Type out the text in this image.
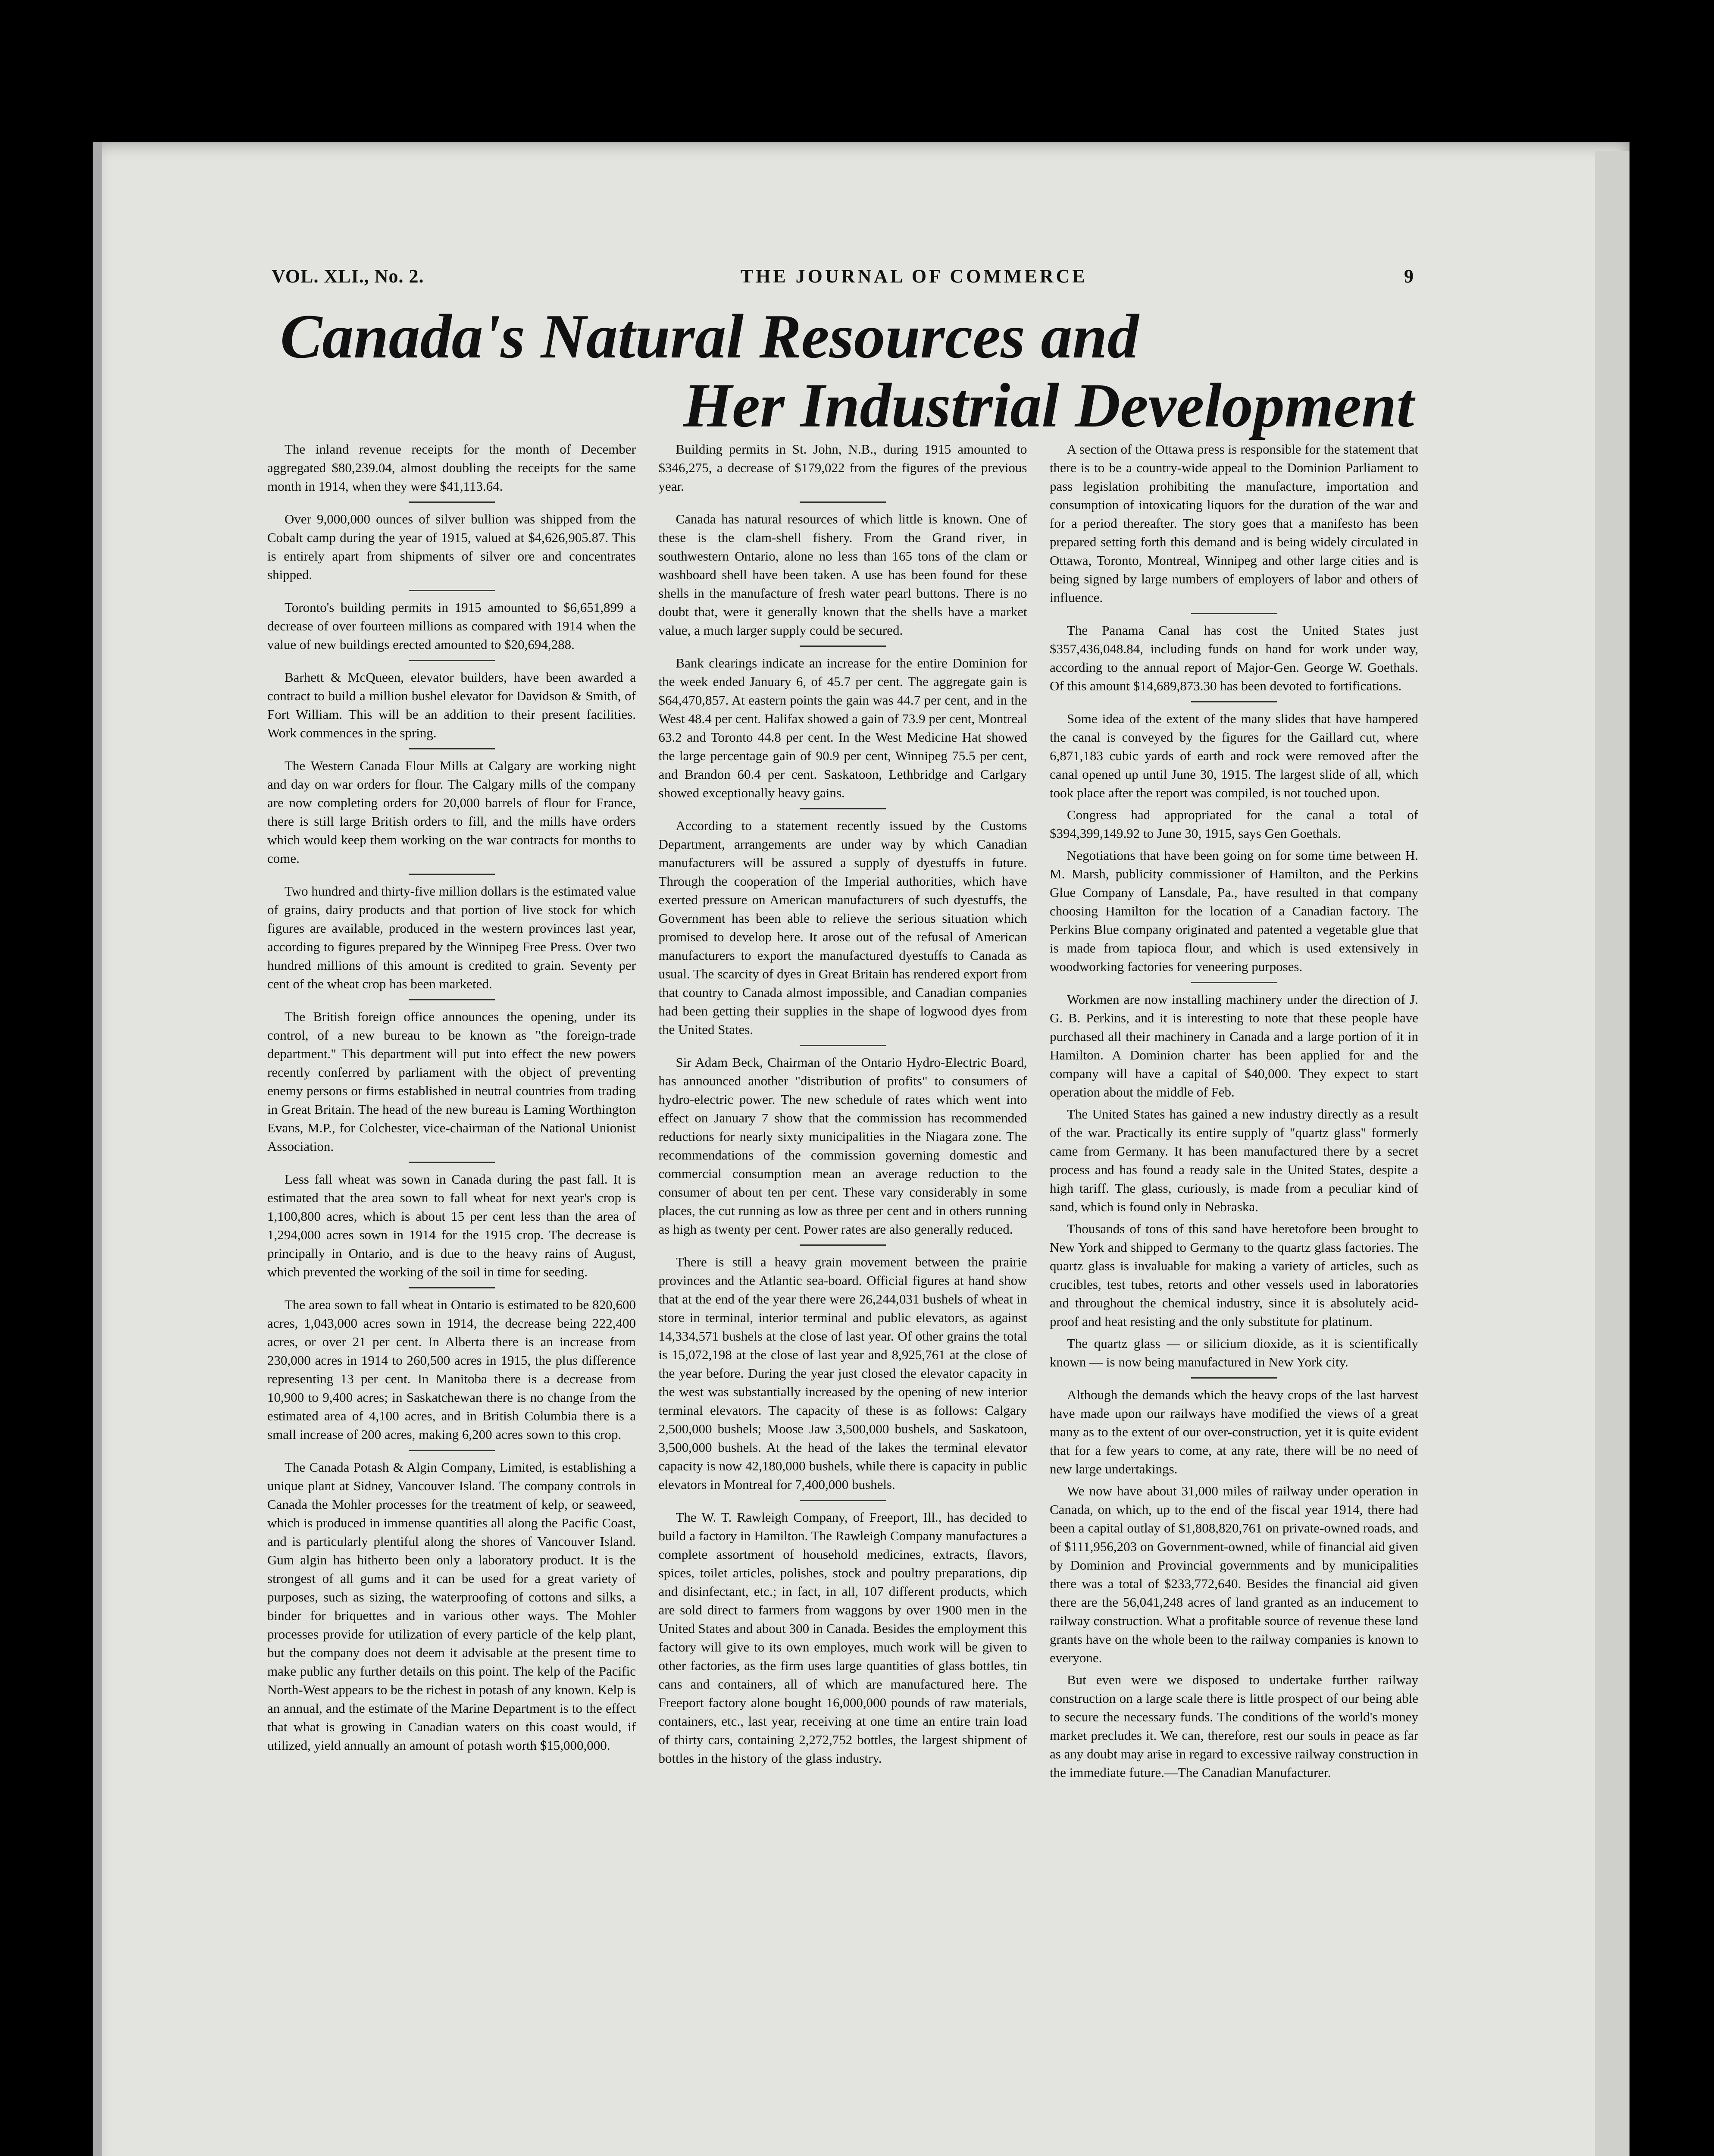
VOL. XLI., No. 2.	THE JOURNAL OF COMMERCE	9
Canada's Natural Resources and
Her Industrial Development

The inland revenue receipts for the month of December aggregated $80,239.04, almost doubling the receipts for the same month in 1914, when they were $41,113.64.

Over 9,000,000 ounces of silver bullion was shipped from the Cobalt camp during the year of 1915, valued at $4,626,905.87. This is entirely apart from shipments of silver ore and concentrates shipped.

Toronto's building permits in 1915 amounted to $6,651,899 a decrease of over fourteen millions as compared with 1914 when the value of new buildings erected amounted to $20,694,288.

Barhett & McQueen, elevator builders, have been awarded a contract to build a million bushel elevator for Davidson & Smith, of Fort William. This will be an addition to their present facilities. Work commences in the spring.

The Western Canada Flour Mills at Calgary are working night and day on war orders for flour. The Calgary mills of the company are now completing orders for 20,000 barrels of flour for France, there is still large British orders to fill, and the mills have orders which would keep them working on the war contracts for months to come.

Two hundred and thirty-five million dollars is the estimated value of grains, dairy products and that portion of live stock for which figures are available, produced in the western provinces last year, according to figures prepared by the Winnipeg Free Press. Over two hundred millions of this amount is credited to grain. Seventy per cent of the wheat crop has been marketed.

The British foreign office announces the opening, under its control, of a new bureau to be known as "the foreign-trade department." This department will put into effect the new powers recently conferred by parliament with the object of preventing enemy persons or firms established in neutral countries from trading in Great Britain. The head of the new bureau is Laming Worthington Evans, M.P., for Colchester, vice-chairman of the National Unionist Association.

Less fall wheat was sown in Canada during the past fall. It is estimated that the area sown to fall wheat for next year's crop is 1,100,800 acres, which is about 15 per cent less than the area of 1,294,000 acres sown in 1914 for the 1915 crop. The decrease is principally in Ontario, and is due to the heavy rains of August, which prevented the working of the soil in time for seeding.

The area sown to fall wheat in Ontario is estimated to be 820,600 acres, 1,043,000 acres sown in 1914, the decrease being 222,400 acres, or over 21 per cent. In Alberta there is an increase from 230,000 acres in 1914 to 260,500 acres in 1915, the plus difference representing 13 per cent. In Manitoba there is a decrease from 10,900 to 9,400 acres; in Saskatchewan there is no change from the estimated area of 4,100 acres, and in British Columbia there is a small increase of 200 acres, making 6,200 acres sown to this crop.

The Canada Potash & Algin Company, Limited, is establishing a unique plant at Sidney, Vancouver Island. The company controls in Canada the Mohler processes for the treatment of kelp, or seaweed, which is produced in immense quantities all along the Pacific Coast, and is particularly plentiful along the shores of Vancouver Island. Gum algin has hitherto been only a laboratory product. It is the strongest of all gums and it can be used for a great variety of purposes, such as sizing, the waterproofing of cottons and silks, a binder for briquettes and in various other ways. The Mohler processes provide for utilization of every particle of the kelp plant, but the company does not deem it advisable at the present time to make public any further details on this point. The kelp of the Pacific North-West appears to be the richest in potash of any known. Kelp is an annual, and the estimate of the Marine Department is to the effect that what is growing in Canadian waters on this coast would, if utilized, yield annually an amount of potash worth $15,000,000.

Building permits in St. John, N.B., during 1915 amounted to $346,275, a decrease of $179,022 from the figures of the previous year.

Canada has natural resources of which little is known. One of these is the clam-shell fishery. From the Grand river, in southwestern Ontario, alone no less than 165 tons of the clam or washboard shell have been taken. A use has been found for these shells in the manufacture of fresh water pearl buttons. There is no doubt that, were it generally known that the shells have a market value, a much larger supply could be secured.

Bank clearings indicate an increase for the entire Dominion for the week ended January 6, of 45.7 per cent. The aggregate gain is $64,470,857. At eastern points the gain was 44.7 per cent, and in the West 48.4 per cent. Halifax showed a gain of 73.9 per cent, Montreal 63.2 and Toronto 44.8 per cent. In the West Medicine Hat showed the large percentage gain of 90.9 per cent, Winnipeg 75.5 per cent, and Brandon 60.4 per cent. Saskatoon, Lethbridge and Carlgary showed exceptionally heavy gains.

According to a statement recently issued by the Customs Department, arrangements are under way by which Canadian manufacturers will be assured a supply of dyestuffs in future. Through the cooperation of the Imperial authorities, which have exerted pressure on American manufacturers of such dyestuffs, the Government has been able to relieve the serious situation which promised to develop here. It arose out of the refusal of American manufacturers to export the manufactured dyestuffs to Canada as usual. The scarcity of dyes in Great Britain has rendered export from that country to Canada almost impossible, and Canadian companies had been getting their supplies in the shape of logwood dyes from the United States.

Sir Adam Beck, Chairman of the Ontario Hydro-Electric Board, has announced another "distribution of profits" to consumers of hydro-electric power. The new schedule of rates which went into effect on January 7 show that the commission has recommended reductions for nearly sixty municipalities in the Niagara zone. The recommendations of the commission governing domestic and commercial consumption mean an average reduction to the consumer of about ten per cent. These vary considerably in some places, the cut running as low as three per cent and in others running as high as twenty per cent. Power rates are also generally reduced.

There is still a heavy grain movement between the prairie provinces and the Atlantic sea-board. Official figures at hand show that at the end of the year there were 26,244,031 bushels of wheat in store in terminal, interior terminal and public elevators, as against 14,334,571 bushels at the close of last year. Of other grains the total is 15,072,198 at the close of last year and 8,925,761 at the close of the year before. During the year just closed the elevator capacity in the west was substantially increased by the opening of new interior terminal elevators. The capacity of these is as follows: Calgary 2,500,000 bushels; Moose Jaw 3,500,000 bushels, and Saskatoon, 3,500,000 bushels. At the head of the lakes the terminal elevator capacity is now 42,180,000 bushels, while there is capacity in public elevators in Montreal for 7,400,000 bushels.

The W. T. Rawleigh Company, of Freeport, Ill., has decided to build a factory in Hamilton. The Rawleigh Company manufactures a complete assortment of household medicines, extracts, flavors, spices, toilet articles, polishes, stock and poultry preparations, dip and disinfectant, etc.; in fact, in all, 107 different products, which are sold direct to farmers from waggons by over 1900 men in the United States and about 300 in Canada. Besides the employment this factory will give to its own employes, much work will be given to other factories, as the firm uses large quantities of glass bottles, tin cans and containers, all of which are manufactured here. The Freeport factory alone bought 16,000,000 pounds of raw materials, containers, etc., last year, receiving at one time an entire train load of thirty cars, containing 2,272,752 bottles, the largest shipment of bottles in the history of the glass industry.

A section of the Ottawa press is responsible for the statement that there is to be a country-wide appeal to the Dominion Parliament to pass legislation prohibiting the manufacture, importation and consumption of intoxicating liquors for the duration of the war and for a period thereafter. The story goes that a manifesto has been prepared setting forth this demand and is being widely circulated in Ottawa, Toronto, Montreal, Winnipeg and other large cities and is being signed by large numbers of employers of labor and others of influence.

The Panama Canal has cost the United States just $357,436,048.84, including funds on hand for work under way, according to the annual report of Major-Gen. George W. Goethals. Of this amount $14,689,873.30 has been devoted to fortifications.

Some idea of the extent of the many slides that have hampered the canal is conveyed by the figures for the Gaillard cut, where 6,871,183 cubic yards of earth and rock were removed after the canal opened up until June 30, 1915. The largest slide of all, which took place after the report was compiled, is not touched upon.

Congress had appropriated for the canal a total of $394,399,149.92 to June 30, 1915, says Gen Goethals.

Negotiations that have been going on for some time between H. M. Marsh, publicity commissioner of Hamilton, and the Perkins Glue Company of Lansdale, Pa., have resulted in that company choosing Hamilton for the location of a Canadian factory. The Perkins Blue company originated and patented a vegetable glue that is made from tapioca flour, and which is used extensively in woodworking factories for veneering purposes.

Workmen are now installing machinery under the direction of J. G. B. Perkins, and it is interesting to note that these people have purchased all their machinery in Canada and a large portion of it in Hamilton. A Dominion charter has been applied for and the company will have a capital of $40,000. They expect to start operation about the middle of Feb.

The United States has gained a new industry directly as a result of the war. Practically its entire supply of "quartz glass" formerly came from Germany. It has been manufactured there by a secret process and has found a ready sale in the United States, despite a high tariff. The glass, curiously, is made from a peculiar kind of sand, which is found only in Nebraska.

Thousands of tons of this sand have heretofore been brought to New York and shipped to Germany to the quartz glass factories. The quartz glass is invaluable for making a variety of articles, such as crucibles, test tubes, retorts and other vessels used in laboratories and throughout the chemical industry, since it is absolutely acid-proof and heat resisting and the only substitute for platinum.

The quartz glass — or silicium dioxide, as it is scientifically known — is now being manufactured in New York city.

Although the demands which the heavy crops of the last harvest have made upon our railways have modified the views of a great many as to the extent of our over-construction, yet it is quite evident that for a few years to come, at any rate, there will be no need of new large undertakings.

We now have about 31,000 miles of railway under operation in Canada, on which, up to the end of the fiscal year 1914, there had been a capital outlay of $1,808,820,761 on private-owned roads, and of $111,956,203 on Government-owned, while of financial aid given by Dominion and Provincial governments and by municipalities there was a total of $233,772,640. Besides the financial aid given there are the 56,041,248 acres of land granted as an inducement to railway construction. What a profitable source of revenue these land grants have on the whole been to the railway companies is known to everyone.

But even were we disposed to undertake further railway construction on a large scale there is little prospect of our being able to secure the necessary funds. The conditions of the world's money market precludes it. We can, therefore, rest our souls in peace as far as any doubt may arise in regard to excessive railway construction in the immediate future.—The Canadian Manufacturer.
